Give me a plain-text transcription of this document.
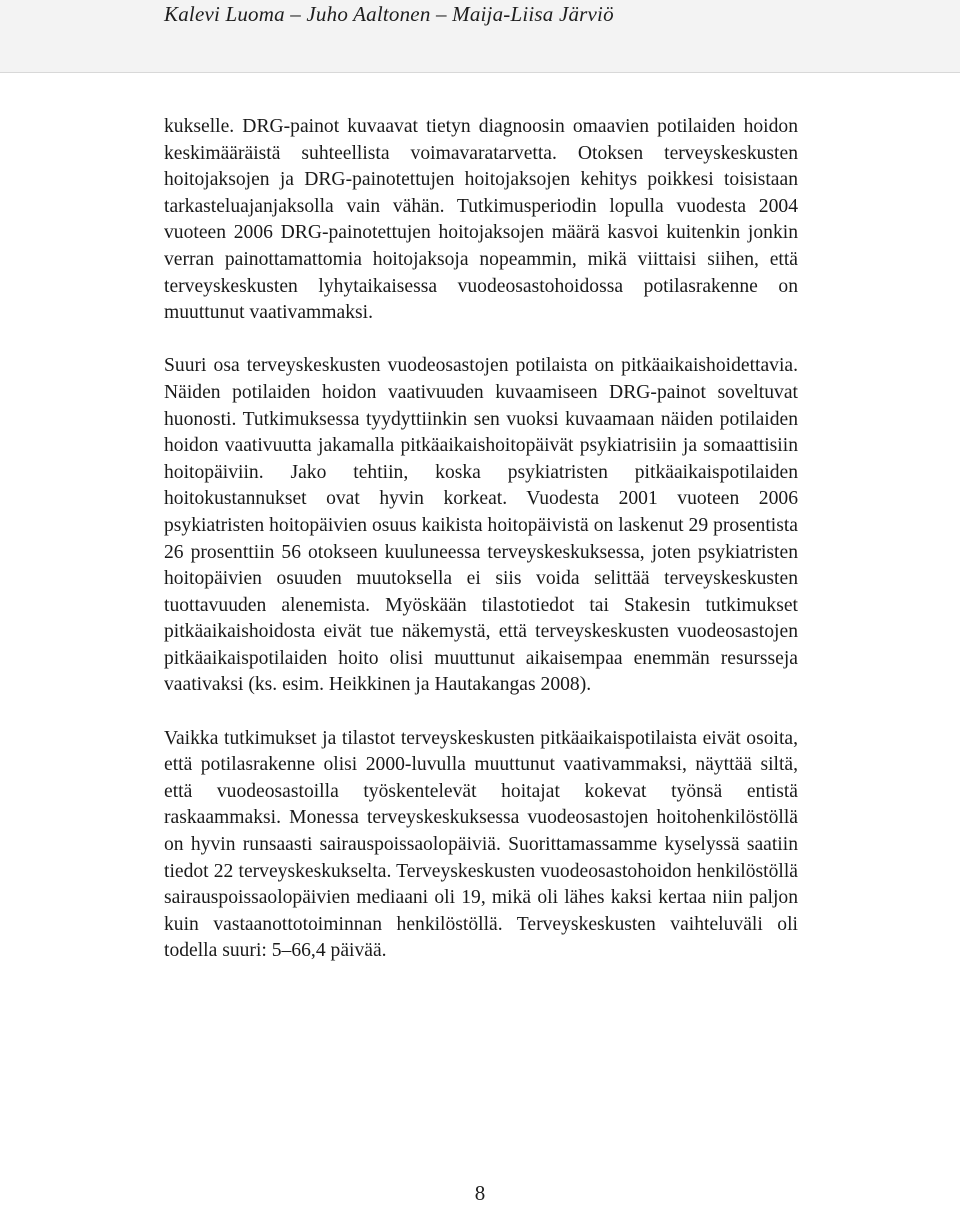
Kalevi Luoma – Juho Aaltonen – Maija-Liisa Järviö

kukselle. DRG-painot kuvaavat tietyn diagnoosin omaavien potilaiden hoidon keskimääräistä suhteellista voimavaratarvetta. Otoksen terveyskeskusten hoitojaksojen ja DRG-painotettujen hoitojaksojen kehitys poikkesi toisistaan tarkasteluajanjaksolla vain vähän. Tutkimusperiodin lopulla vuodesta 2004 vuoteen 2006 DRG-painotettujen hoitojaksojen määrä kasvoi kuitenkin jonkin verran painottamattomia hoitojaksoja nopeammin, mikä viittaisi siihen, että terveyskeskusten lyhytaikaisessa vuodeosastohoidossa potilasrakenne on muuttunut vaativammaksi.

Suuri osa terveyskeskusten vuodeosastojen potilaista on pitkäaikaishoidettavia. Näiden potilaiden hoidon vaativuuden kuvaamiseen DRG-painot soveltuvat huonosti. Tutkimuksessa tyydyttiinkin sen vuoksi kuvaamaan näiden potilaiden hoidon vaativuutta jakamalla pitkäaikaishoitopäivät psykiatrisiin ja somaattisiin hoitopäiviin. Jako tehtiin, koska psykiatristen pitkäaikaispotilaiden hoitokustannukset ovat hyvin korkeat. Vuodesta 2001 vuoteen 2006 psykiatristen hoitopäivien osuus kaikista hoitopäivistä on laskenut 29 prosentista 26 prosenttiin 56 otokseen kuuluneessa terveyskeskuksessa, joten psykiatristen hoitopäivien osuuden muutoksella ei siis voida selittää terveyskeskusten tuottavuuden alenemista. Myöskään tilastotiedot tai Stakesin tutkimukset pitkäaikaishoidosta eivät tue näkemystä, että terveyskeskusten vuodeosastojen pitkäaikaispotilaiden hoito olisi muuttunut aikaisempaa enemmän resursseja vaativaksi (ks. esim. Heikkinen ja Hautakangas 2008).

Vaikka tutkimukset ja tilastot terveyskeskusten pitkäaikaispotilaista eivät osoita, että potilasrakenne olisi 2000-luvulla muuttunut vaativammaksi, näyttää siltä, että vuodeosastoilla työskentelevät hoitajat kokevat työnsä entistä raskaammaksi. Monessa terveyskeskuksessa vuodeosastojen hoitohenkilöstöllä on hyvin runsaasti sairauspoissaolopäiviä. Suorittamassamme kyselyssä saatiin tiedot 22 terveyskeskukselta. Terveyskeskusten vuodeosastohoidon henkilöstöllä sairauspoissaolopäivien mediaani oli 19, mikä oli lähes kaksi kertaa niin paljon kuin vastaanottotoiminnan henkilöstöllä. Terveyskeskusten vaihteluväli oli todella suuri: 5–66,4 päivää.

8
